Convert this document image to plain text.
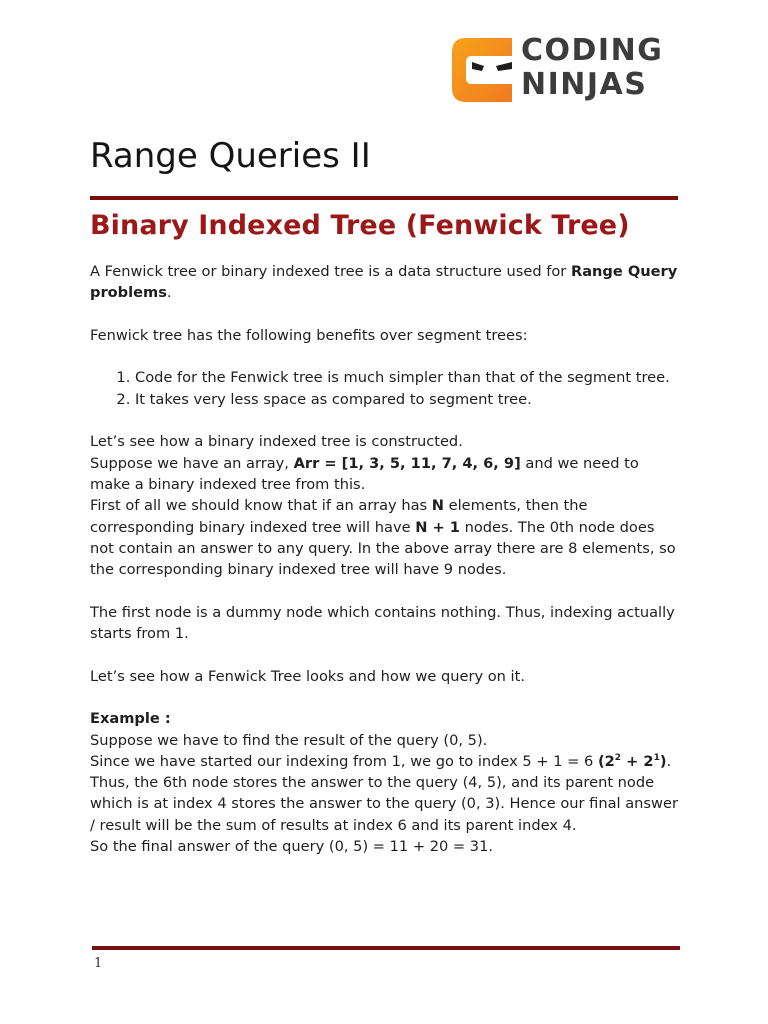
CODING
NINJAS
Range Queries II
Binary Indexed Tree (Fenwick Tree)

A Fenwick tree or binary indexed tree is a data structure used for Range Query problems.

Fenwick tree has the following benefits over segment trees:

1. Code for the Fenwick tree is much simpler than that of the segment tree.
2. It takes very less space as compared to segment tree.

Let’s see how a binary indexed tree is constructed.

Suppose we have an array, Arr = [1, 3, 5, 11, 7, 4, 6, 9] and we need to make a binary indexed tree from this.

First of all we should know that if an array has N elements, then the corresponding binary indexed tree will have N + 1 nodes. The 0th node does not contain an answer to any query. In the above array there are 8 elements, so the corresponding binary indexed tree will have 9 nodes.

The first node is a dummy node which contains nothing. Thus, indexing actually starts from 1.

Let’s see how a Fenwick Tree looks and how we query on it.

Example :

Suppose we have to find the result of the query (0, 5).

Since we have started our indexing from 1, we go to index 5 + 1 = 6 $(2^2 + 2^1)$.

Thus, the 6th node stores the answer to the query (4, 5), and its parent node which is at index 4 stores the answer to the query (0, 3). Hence our final answer / result will be the sum of results at index 6 and its parent index 4.

So the final answer of the query (0, 5) = 11 + 20 = 31.

1
